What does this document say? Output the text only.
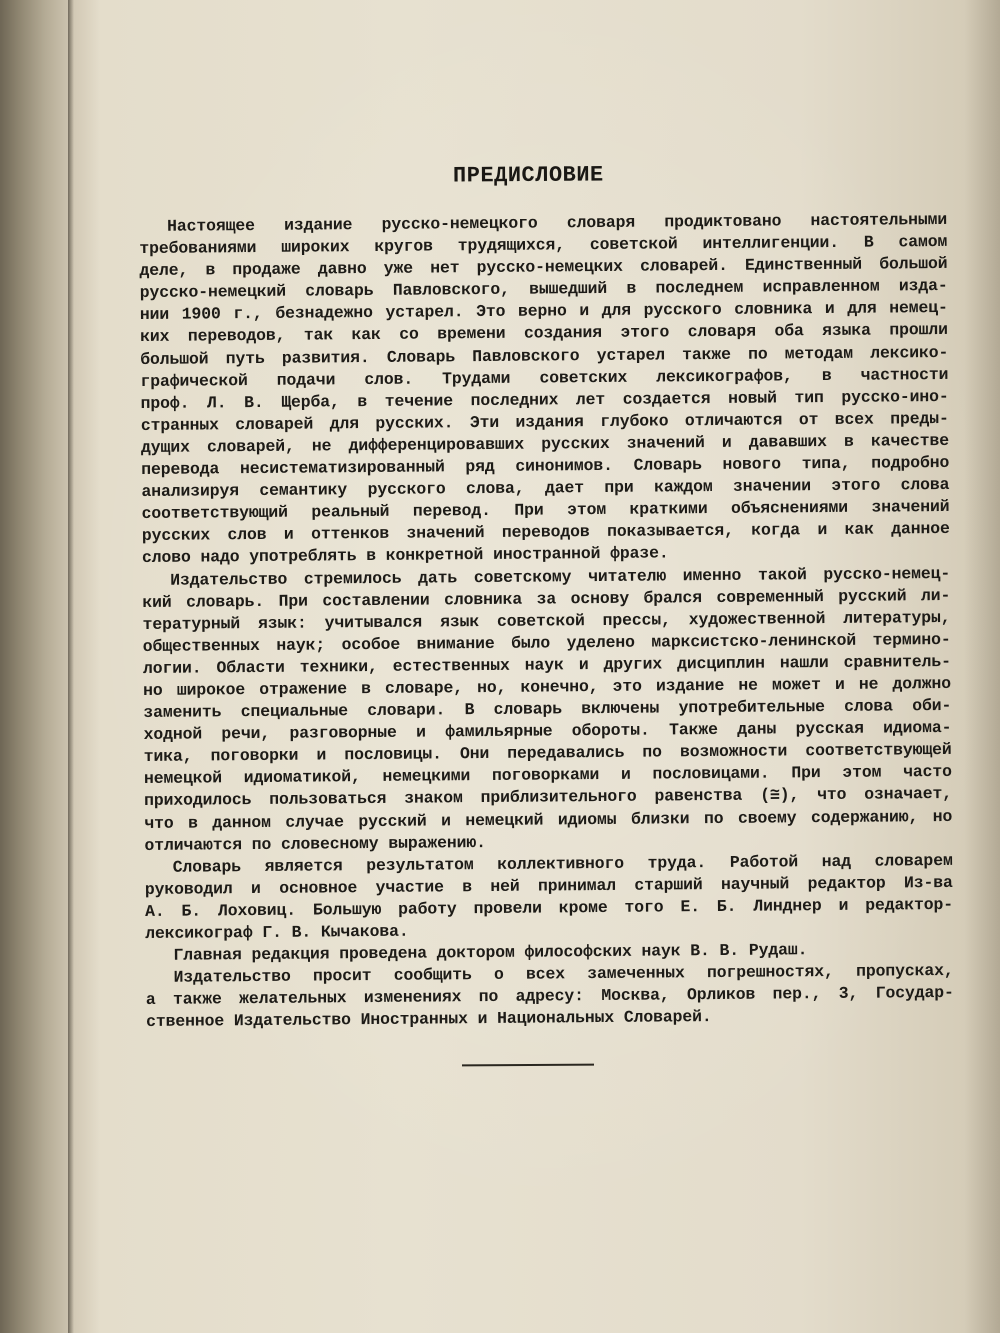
ПРЕДИСЛОВИЕ
Настоящее издание русско-немецкого словаря продиктовано настоятельными
требованиями широких кругов трудящихся, советской интеллигенции. В самом
деле, в продаже давно уже нет русско-немецких словарей. Единственный большой
русско-немецкий словарь Павловского, вышедший в последнем исправленном изда-
нии 1900 г., безнадежно устарел. Это верно и для русского словника и для немец-
ких переводов, так как со времени создания этого словаря оба языка прошли
большой путь развития. Словарь Павловского устарел также по методам лексико-
графической подачи слов. Трудами советских лексикографов, в частности
проф. Л. В. Щерба, в течение последних лет создается новый тип русско-ино-
странных словарей для русских. Эти издания глубоко отличаются от всех преды-
дущих словарей, не дифференцировавших русских значений и дававших в качестве
перевода несистематизированный ряд синонимов. Словарь нового типа, подробно
анализируя семантику русского слова, дает при каждом значении этого слова
соответствующий реальный перевод. При этом краткими объяснениями значений
русских слов и оттенков значений переводов показывается, когда и как данное
слово надо употреблять в конкретной иностранной фразе.
Издательство стремилось дать советскому читателю именно такой русско-немец-
кий словарь. При составлении словника за основу брался современный русский ли-
тературный язык: учитывался язык советской прессы, художественной литературы,
общественных наук; особое внимание было уделено марксистско-ленинской термино-
логии. Области техники, естественных наук и других дисциплин нашли сравнитель-
но широкое отражение в словаре, но, конечно, это издание не может и не должно
заменить специальные словари. В словарь включены употребительные слова оби-
ходной речи, разговорные и фамильярные обороты. Также даны русская идиома-
тика, поговорки и пословицы. Они передавались по возможности соответствующей
немецкой идиоматикой, немецкими поговорками и пословицами. При этом часто
приходилось пользоваться знаком приблизительного равенства (≅), что означает,
что в данном случае русский и немецкий идиомы близки по своему содержанию, но
отличаются по словесному выражению.
Словарь является результатом коллективного труда. Работой над словарем
руководил и основное участие в ней принимал старший научный редактор Из-ва
А. Б. Лоховиц. Большую работу провели кроме того Е. Б. Линднер и редактор-
лексикограф Г. В. Кычакова.
Главная редакция проведена доктором философских наук В. В. Рудаш.
Издательство просит сообщить о всех замеченных погрешностях, пропусках,
а также желательных изменениях по адресу: Москва, Орликов пер., 3, Государ-
ственное Издательство Иностранных и Национальных Словарей.
